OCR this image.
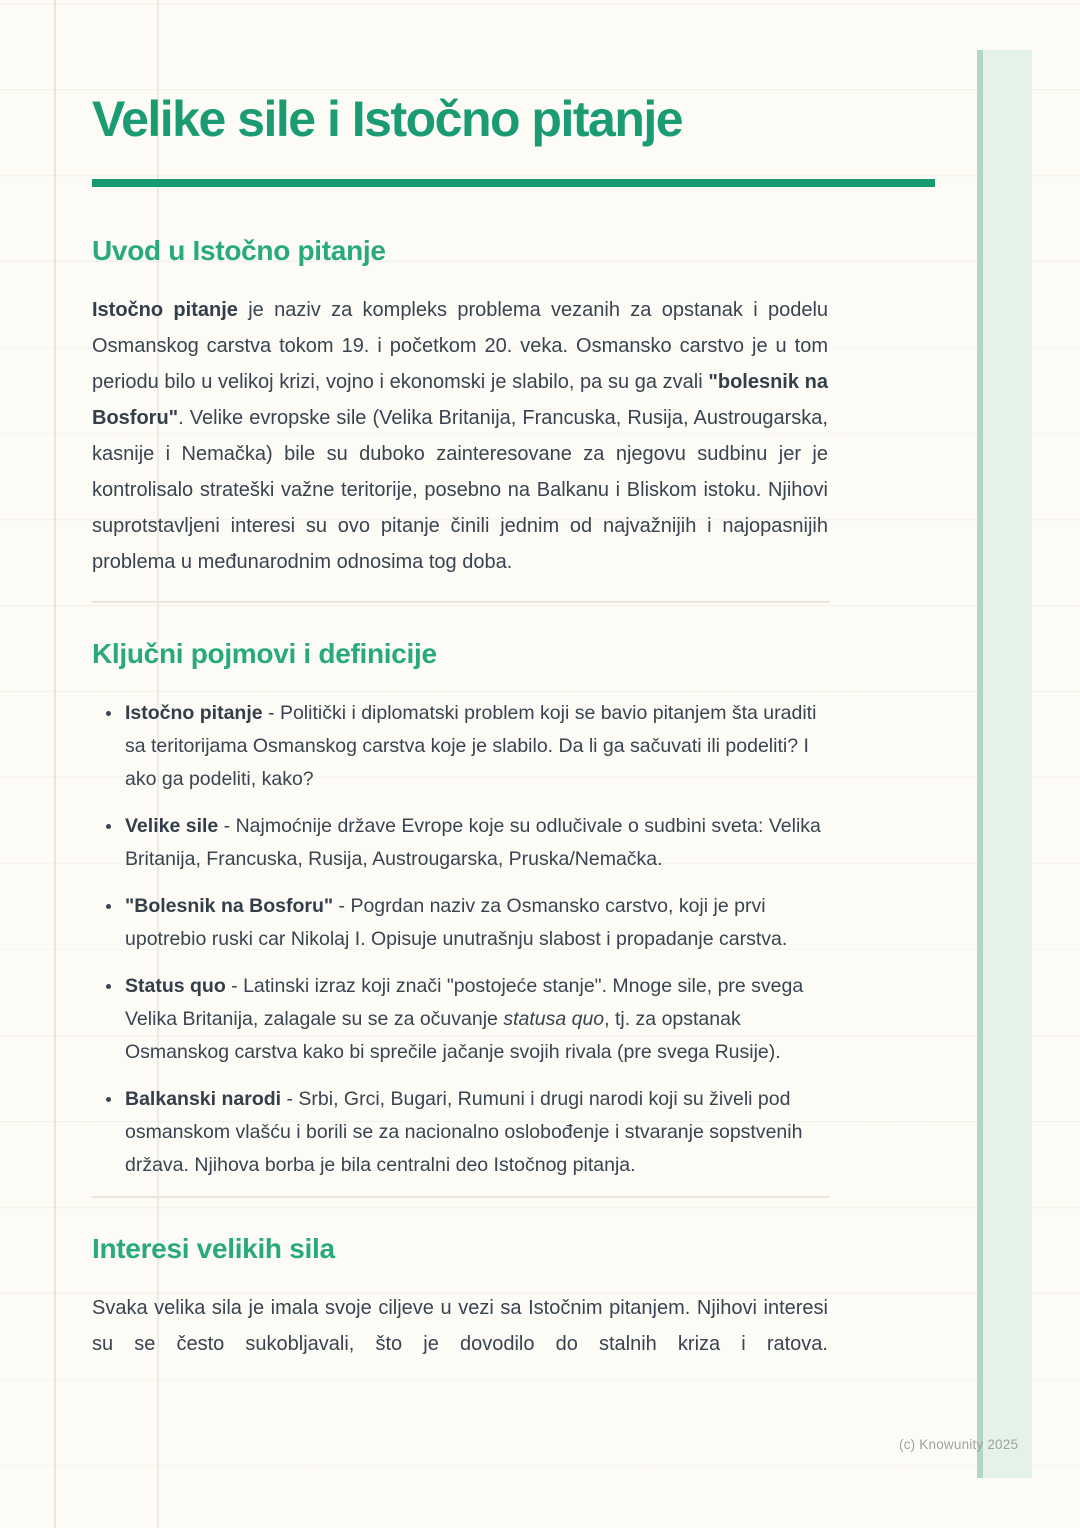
Velike sile i Istočno pitanje
Uvod u Istočno pitanje

Istočno pitanje je naziv za kompleks problema vezanih za opstanak i podelu Osmanskog carstva tokom 19. i početkom 20. veka. Osmansko carstvo je u tom periodu bilo u velikoj krizi, vojno i ekonomski je slabilo, pa su ga zvali "bolesnik na Bosforu". Velike evropske sile (Velika Britanija, Francuska, Rusija, Austrougarska, kasnije i Nemačka) bile su duboko zainteresovane za njegovu sudbinu jer je kontrolisalo strateški važne teritorije, posebno na Balkanu i Bliskom istoku. Njihovi suprotstavljeni interesi su ovo pitanje činili jednim od najvažnijih i najopasnijih problema u međunarodnim odnosima tog doba.

Ključni pojmovi i definicije
• Istočno pitanje - Politički i diplomatski problem koji se bavio pitanjem šta uraditi sa teritorijama Osmanskog carstva koje je slabilo. Da li ga sačuvati ili podeliti? I ako ga podeliti, kako?
• Velike sile - Najmoćnije države Evrope koje su odlučivale o sudbini sveta: Velika Britanija, Francuska, Rusija, Austrougarska, Pruska/Nemačka.
• "Bolesnik na Bosforu" - Pogrdan naziv za Osmansko carstvo, koji je prvi upotrebio ruski car Nikolaj I. Opisuje unutrašnju slabost i propadanje carstva.
• Status quo - Latinski izraz koji znači "postojeće stanje". Mnoge sile, pre svega Velika Britanija, zalagale su se za očuvanje statusa quo, tj. za opstanak Osmanskog carstva kako bi sprečile jačanje svojih rivala (pre svega Rusije).
• Balkanski narodi - Srbi, Grci, Bugari, Rumuni i drugi narodi koji su živeli pod osmanskom vlašću i borili se za nacionalno oslobođenje i stvaranje sopstvenih država. Njihova borba je bila centralni deo Istočnog pitanja.
Interesi velikih sila

Svaka velika sila je imala svoje ciljeve u vezi sa Istočnim pitanjem. Njihovi interesi su se često sukobljavali, što je dovodilo do stalnih kriza i ratova.

(c) Knowunity 2025
